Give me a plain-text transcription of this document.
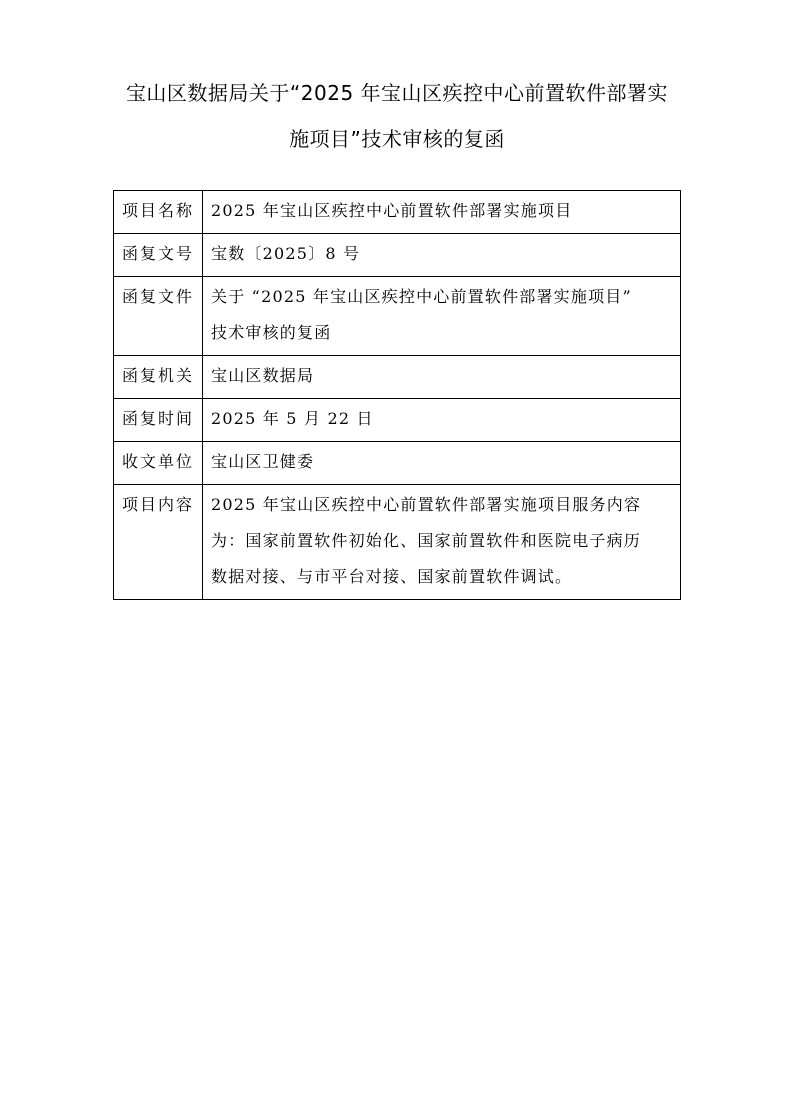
宝山区数据局关于“2025 年宝山区疾控中心前置软件部署实
施项目”技术审核的复函
项目名称	2025 年宝山区疾控中心前置软件部署实施项目

函复文号	宝数〔2025〕8 号

函复文件	关于 “2025 年宝山区疾控中心前置软件部署实施项目”
技术审核的复函

函复机关	宝山区数据局

函复时间	2025 年 5 月 22 日

收文单位	宝山区卫健委

项目内容	2025 年宝山区疾控中心前置软件部署实施项目服务内容
为：国家前置软件初始化、国家前置软件和医院电子病历
数据对接、与市平台对接、国家前置软件调试。
